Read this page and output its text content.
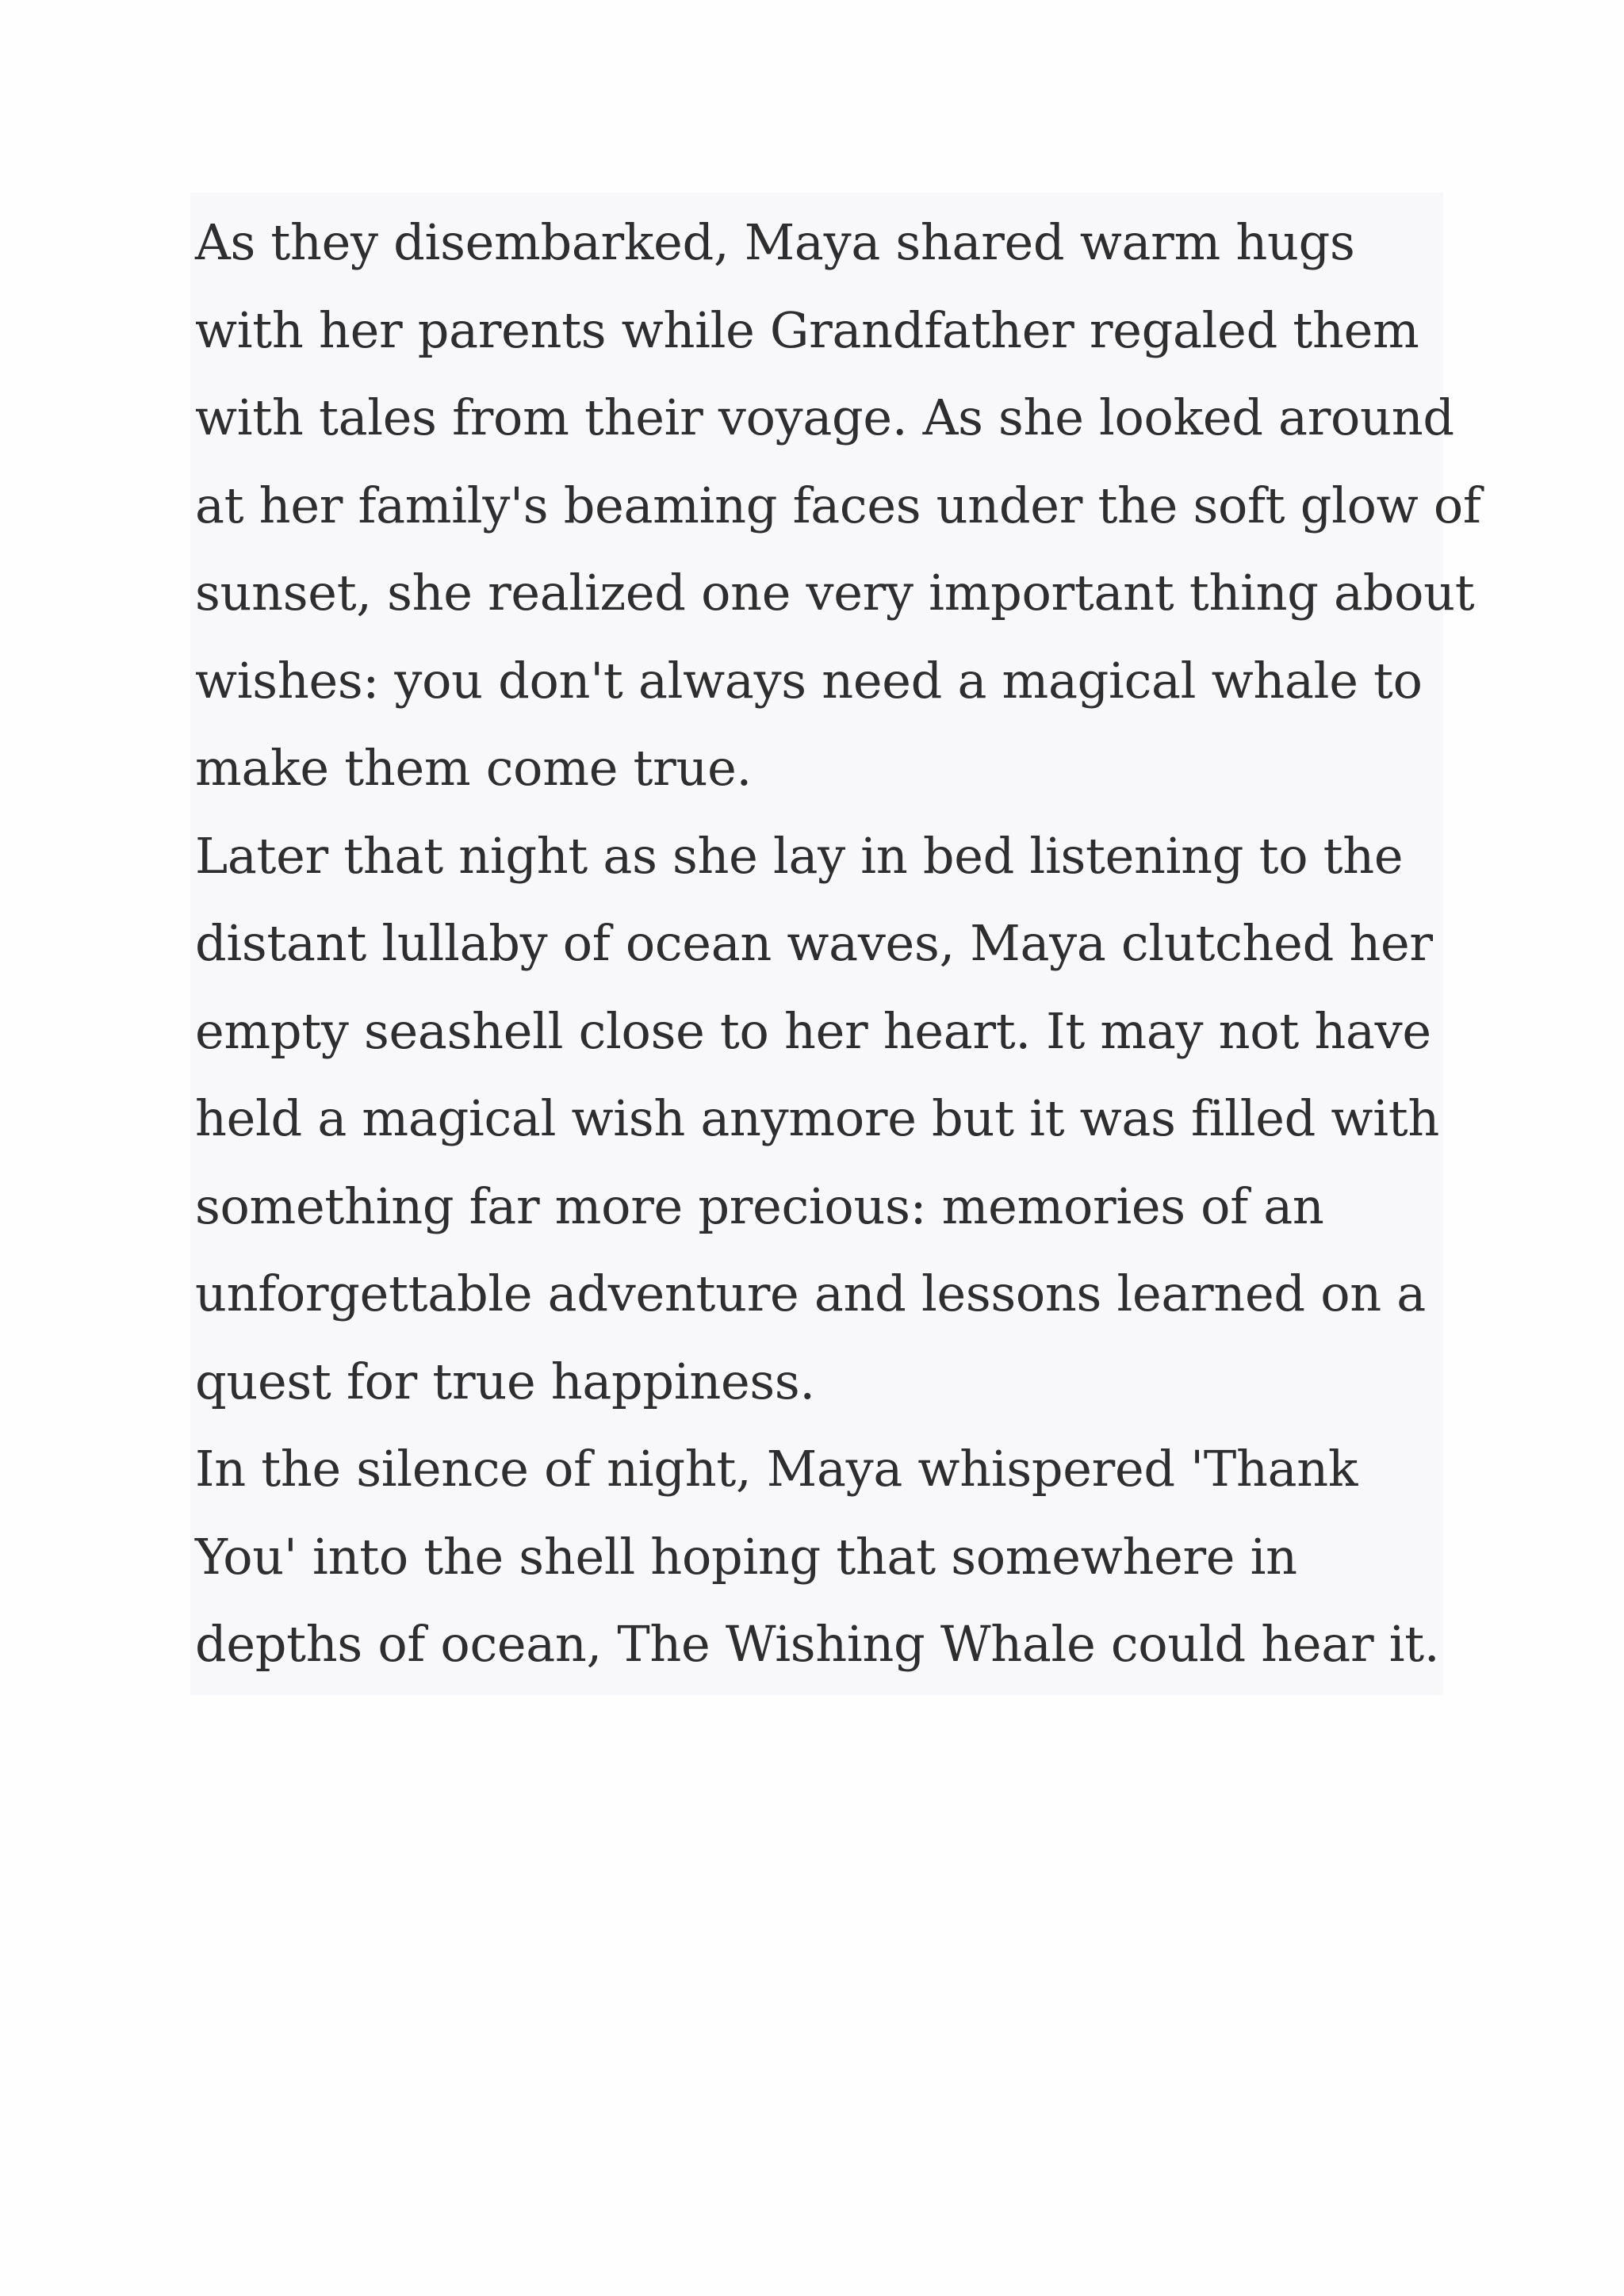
As they disembarked, Maya shared warm hugs
with her parents while Grandfather regaled them
with tales from their voyage. As she looked around
at her family's beaming faces under the soft glow of
sunset, she realized one very important thing about
wishes: you don't always need a magical whale to
make them come true.
Later that night as she lay in bed listening to the
distant lullaby of ocean waves, Maya clutched her
empty seashell close to her heart. It may not have
held a magical wish anymore but it was filled with
something far more precious: memories of an
unforgettable adventure and lessons learned on a
quest for true happiness.
In the silence of night, Maya whispered 'Thank
You' into the shell hoping that somewhere in
depths of ocean, The Wishing Whale could hear it.
